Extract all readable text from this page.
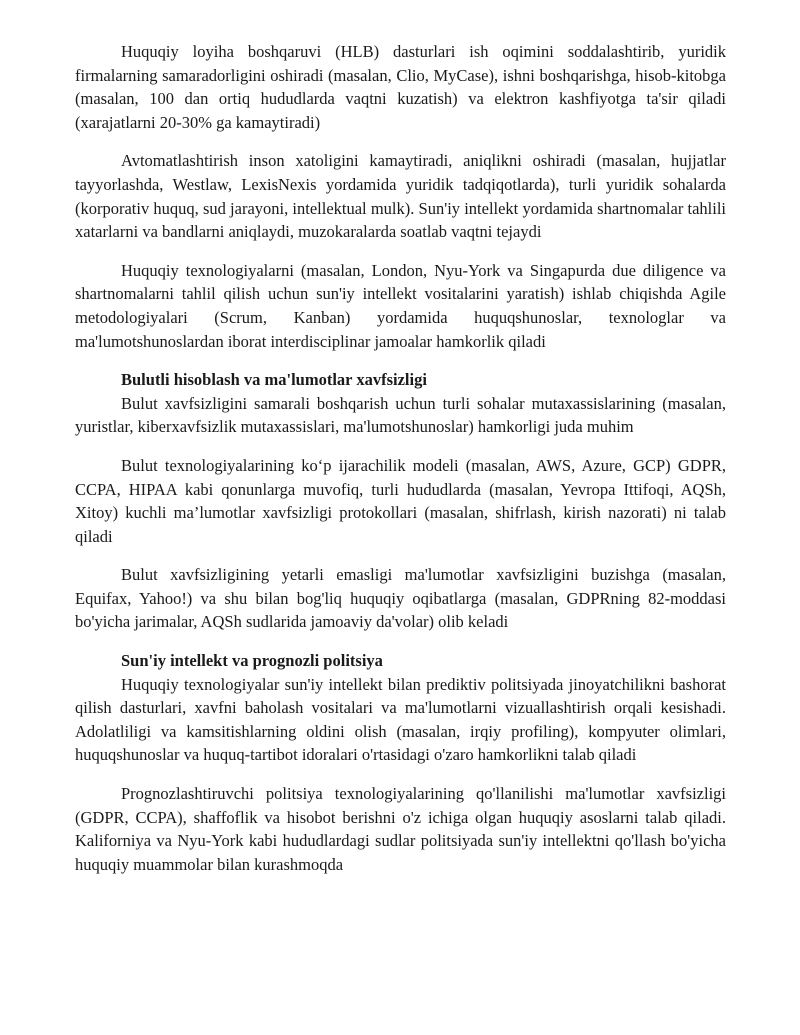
Huquqiy loyiha boshqaruvi (HLB) dasturlari ish oqimini soddalashtirib, yuridik firmalarning samaradorligini oshiradi (masalan, Clio, MyCase), ishni boshqarishga, hisob-kitobga (masalan, 100 dan ortiq hududlarda vaqtni kuzatish) va elektron kashfiyotga ta'sir qiladi (xarajatlarni 20-30% ga kamaytiradi)

Avtomatlashtirish inson xatoligini kamaytiradi, aniqlikni oshiradi (masalan, hujjatlar tayyorlashda, Westlaw, LexisNexis yordamida yuridik tadqiqotlarda), turli yuridik sohalarda (korporativ huquq, sud jarayoni, intellektual mulk). Sun'iy intellekt yordamida shartnomalar tahlili xatarlarni va bandlarni aniqlaydi, muzokaralarda soatlab vaqtni tejaydi

Huquqiy texnologiyalarni (masalan, London, Nyu-York va Singapurda due diligence va shartnomalarni tahlil qilish uchun sun'iy intellekt vositalarini yaratish) ishlab chiqishda Agile metodologiyalari (Scrum, Kanban) yordamida huquqshunoslar, texnologlar va ma'lumotshunoslardan iborat interdisciplinar jamoalar hamkorlik qiladi

Bulutli hisoblash va ma'lumotlar xavfsizligi

Bulut xavfsizligini samarali boshqarish uchun turli sohalar mutaxassislarining (masalan, yuristlar, kiberxavfsizlik mutaxassislari, ma'lumotshunoslar) hamkorligi juda muhim

Bulut texnologiyalarining ko‘p ijarachilik modeli (masalan, AWS, Azure, GCP) GDPR, CCPA, HIPAA kabi qonunlarga muvofiq, turli hududlarda (masalan, Yevropa Ittifoqi, AQSh, Xitoy) kuchli ma’lumotlar xavfsizligi protokollari (masalan, shifrlash, kirish nazorati) ni talab qiladi

Bulut xavfsizligining yetarli emasligi ma'lumotlar xavfsizligini buzishga (masalan, Equifax, Yahoo!) va shu bilan bog'liq huquqiy oqibatlarga (masalan, GDPRning 82-moddasi bo'yicha jarimalar, AQSh sudlarida jamoaviy da'volar) olib keladi

Sun'iy intellekt va prognozli politsiya

Huquqiy texnologiyalar sun'iy intellekt bilan prediktiv politsiyada jinoyatchilikni bashorat qilish dasturlari, xavfni baholash vositalari va ma'lumotlarni vizuallashtirish orqali kesishadi. Adolatliligi va kamsitishlarning oldini olish (masalan, irqiy profiling), kompyuter olimlari, huquqshunoslar va huquq-tartibot idoralari o'rtasidagi o'zaro hamkorlikni talab qiladi

Prognozlashtiruvchi politsiya texnologiyalarining qo'llanilishi ma'lumotlar xavfsizligi (GDPR, CCPA), shaffoflik va hisobot berishni o'z ichiga olgan huquqiy asoslarni talab qiladi. Kaliforniya va Nyu-York kabi hududlardagi sudlar politsiyada sun'iy intellektni qo'llash bo'yicha huquqiy muammolar bilan kurashmoqda
